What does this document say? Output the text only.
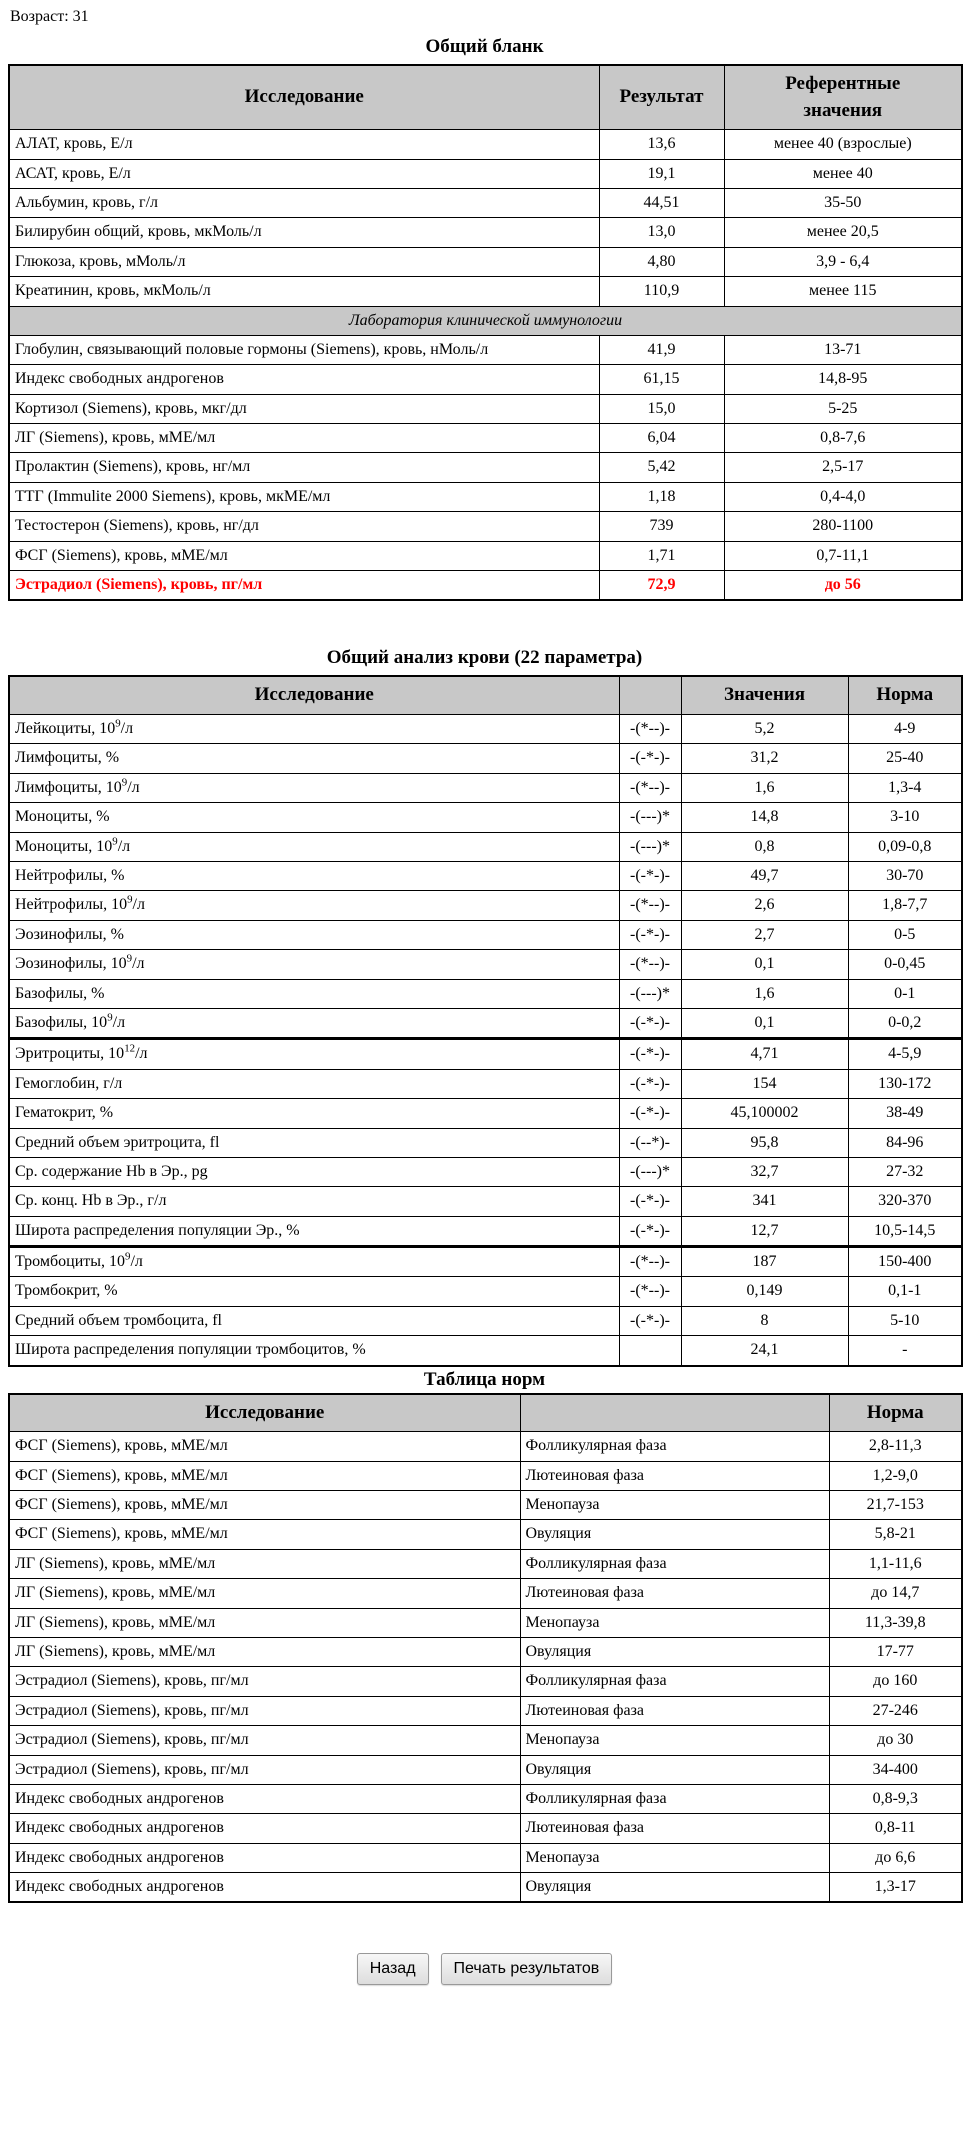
Возраст: 31

Общий бланк
Исследование	Результат	Референтные значения
АЛАТ, кровь, Е/л	13,6	менее 40 (взрослые)
АСАТ, кровь, Е/л	19,1	менее 40
Альбумин, кровь, г/л	44,51	35-50
Билирубин общий, кровь, мкМоль/л	13,0	менее 20,5
Глюкоза, кровь, мМоль/л	4,80	3,9 - 6,4
Креатинин, кровь, мкМоль/л	110,9	менее 115
Лаборатория клинической иммунологии		
Глобулин, связывающий половые гормоны (Siemens), кровь, нМоль/л	41,9	13-71
Индекс свободных андрогенов	61,15	14,8-95
Кортизол (Siemens), кровь, мкг/дл	15,0	5-25
ЛГ (Siemens), кровь, мМЕ/мл	6,04	0,8-7,6
Пролактин (Siemens), кровь, нг/мл	5,42	2,5-17
ТТГ (Immulite 2000 Siemens), кровь, мкМЕ/мл	1,18	0,4-4,0
Тестостерон (Siemens), кровь, нг/дл	739	280-1100
ФСГ (Siemens), кровь, мМЕ/мл	1,71	0,7-11,1
Эстрадиол (Siemens), кровь, пг/мл	72,9	до 56
Общий анализ крови (22 параметра)
Исследование		Значения	Норма
Лейкоциты, $10^9/л$	-(*--)-	5,2	4-9
Лимфоциты, %	-(-*-)-	31,2	25-40
Лимфоциты, $10^9/л$	-(*--)-	1,6	1,3-4
Моноциты, %	-(---)*	14,8	3-10
Моноциты, $10^9/л$	-(---)*	0,8	0,09-0,8
Нейтрофилы, %	-(-*-)-	49,7	30-70
Нейтрофилы, $10^9/л$	-(*--)-	2,6	1,8-7,7
Эозинофилы, %	-(-*-)-	2,7	0-5
Эозинофилы, $10^9/л$	-(*--)-	0,1	0-0,45
Базофилы, %	-(---)*	1,6	0-1
Базофилы, $10^9/л$	-(-*-)-	0,1	0-0,2
Эритроциты, $10^{12}/л$	-(-*-)-	4,71	4-5,9
Гемоглобин, г/л	-(-*-)-	154	130-172
Гематокрит, %	-(-*-)-	45,100002	38-49
Средний объем эритроцита, fl	-(--*)-	95,8	84-96
Ср. содержание Hb в Эр., pg	-(---)*	32,7	27-32
Ср. конц. Hb в Эр., г/л	-(-*-)-	341	320-370
Широта распределения популяции Эр., %	-(-*-)-	12,7	10,5-14,5
Тромбоциты, $10^9/л$	-(*--)-	187	150-400
Тромбокрит, %	-(*--)-	0,149	0,1-1
Средний объем тромбоцита, fl	-(-*-)-	8	5-10
Широта распределения популяции тромбоцитов, %		24,1	-
Таблица норм
Исследование		Норма
ФСГ (Siemens), кровь, мМЕ/мл	Фолликулярная фаза	2,8-11,3
ФСГ (Siemens), кровь, мМЕ/мл	Лютеиновая фаза	1,2-9,0
ФСГ (Siemens), кровь, мМЕ/мл	Менопауза	21,7-153
ФСГ (Siemens), кровь, мМЕ/мл	Овуляция	5,8-21
ЛГ (Siemens), кровь, мМЕ/мл	Фолликулярная фаза	1,1-11,6
ЛГ (Siemens), кровь, мМЕ/мл	Лютеиновая фаза	до 14,7
ЛГ (Siemens), кровь, мМЕ/мл	Менопауза	11,3-39,8
ЛГ (Siemens), кровь, мМЕ/мл	Овуляция	17-77
Эстрадиол (Siemens), кровь, пг/мл	Фолликулярная фаза	до 160
Эстрадиол (Siemens), кровь, пг/мл	Лютеиновая фаза	27-246
Эстрадиол (Siemens), кровь, пг/мл	Менопауза	до 30
Эстрадиол (Siemens), кровь, пг/мл	Овуляция	34-400
Индекс свободных андрогенов	Фолликулярная фаза	0,8-9,3
Индекс свободных андрогенов	Лютеиновая фаза	0,8-11
Индекс свободных андрогенов	Менопауза	до 6,6
Индекс свободных андрогенов	Овуляция	1,3-17
Назад Печать результатов
